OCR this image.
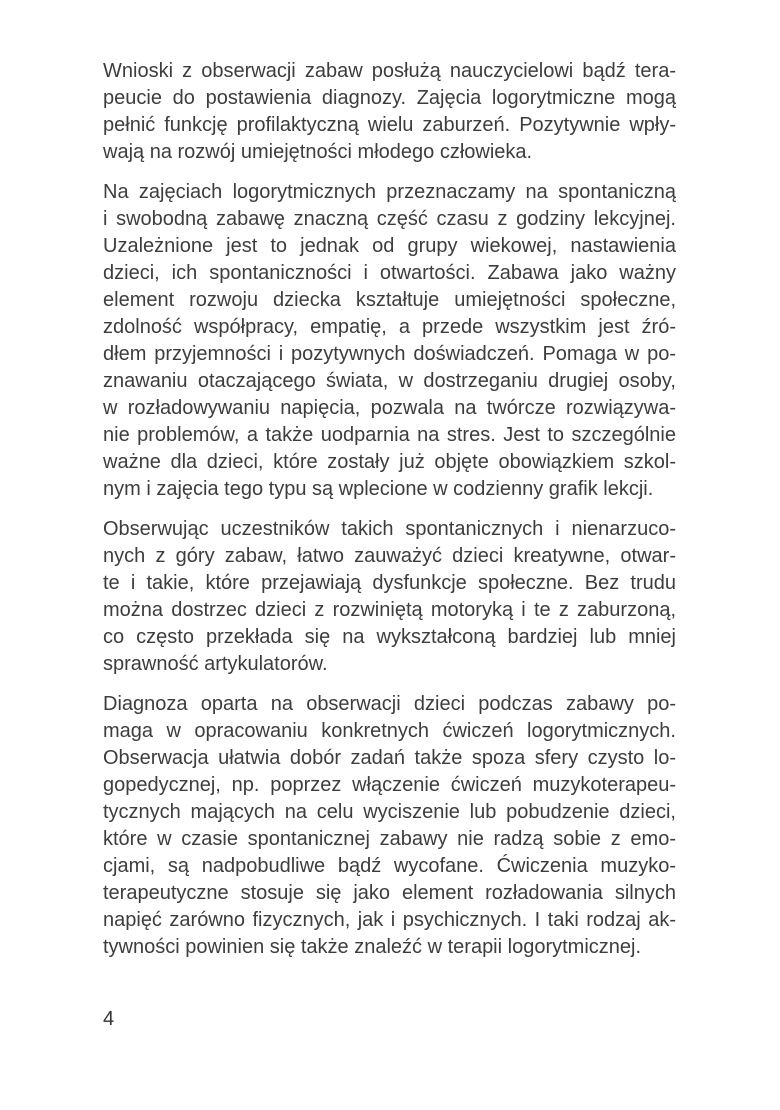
Wnioski z obserwacji zabaw posłużą nauczycielowi bądź tera-
peucie do postawienia diagnozy. Zajęcia logorytmiczne mogą
pełnić funkcję profilaktyczną wielu zaburzeń. Pozytywnie wpły-
wają na rozwój umiejętności młodego człowieka.
Na zajęciach logorytmicznych przeznaczamy na spontaniczną
i swobodną zabawę znaczną część czasu z godziny lekcyjnej.
Uzależnione jest to jednak od grupy wiekowej, nastawienia
dzieci, ich spontaniczności i otwartości. Zabawa jako ważny
element rozwoju dziecka kształtuje umiejętności społeczne,
zdolność współpracy, empatię, a przede wszystkim jest źró-
dłem przyjemności i pozytywnych doświadczeń. Pomaga w po-
znawaniu otaczającego świata, w dostrzeganiu drugiej osoby,
w rozładowywaniu napięcia, pozwala na twórcze rozwiązywa-
nie problemów, a także uodparnia na stres. Jest to szczególnie
ważne dla dzieci, które zostały już objęte obowiązkiem szkol-
nym i zajęcia tego typu są wplecione w codzienny grafik lekcji.
Obserwując uczestników takich spontanicznych i nienarzuco-
nych z góry zabaw, łatwo zauważyć dzieci kreatywne, otwar-
te i takie, które przejawiają dysfunkcje społeczne. Bez trudu
można dostrzec dzieci z rozwiniętą motoryką i te z zaburzoną,
co często przekłada się na wykształconą bardziej lub mniej
sprawność artykulatorów.
Diagnoza oparta na obserwacji dzieci podczas zabawy po-
maga w opracowaniu konkretnych ćwiczeń logorytmicznych.
Obserwacja ułatwia dobór zadań także spoza sfery czysto lo-
gopedycznej, np. poprzez włączenie ćwiczeń muzykoterapeu-
tycznych mających na celu wyciszenie lub pobudzenie dzieci,
które w czasie spontanicznej zabawy nie radzą sobie z emo-
cjami, są nadpobudliwe bądź wycofane. Ćwiczenia muzyko-
terapeutyczne stosuje się jako element rozładowania silnych
napięć zarówno fizycznych, jak i psychicznych. I taki rodzaj ak-
tywności powinien się także znaleźć w terapii logorytmicznej.
4
